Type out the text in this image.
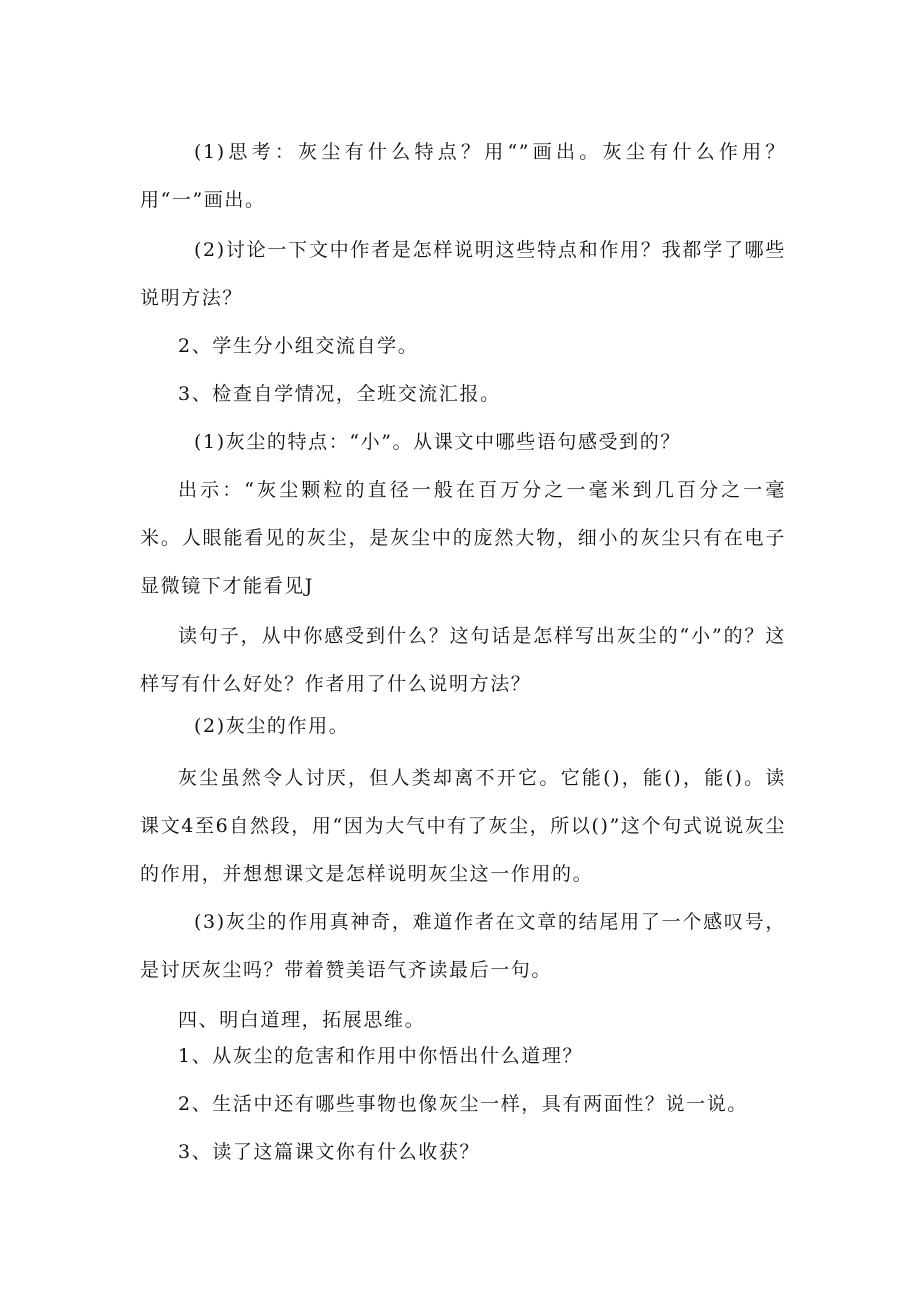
(1)思考：灰尘有什么特点？用“”画出。灰尘有什么作用？用“一”画出。

(2)讨论一下文中作者是怎样说明这些特点和作用？我都学了哪些说明方法？

2、学生分小组交流自学。

3、检查自学情况，全班交流汇报。

(1)灰尘的特点：“小”。从课文中哪些语句感受到的？

出示：“灰尘颗粒的直径一般在百万分之一毫米到几百分之一毫米。人眼能看见的灰尘，是灰尘中的庞然大物，细小的灰尘只有在电子显微镜下才能看见J

读句子，从中你感受到什么？这句话是怎样写出灰尘的“小”的？这样写有什么好处？作者用了什么说明方法？

(2)灰尘的作用。

灰尘虽然令人讨厌，但人类却离不开它。它能()，能()，能()。读课文4至6自然段，用“因为大气中有了灰尘，所以()”这个句式说说灰尘的作用，并想想课文是怎样说明灰尘这一作用的。

(3)灰尘的作用真神奇，难道作者在文章的结尾用了一个感叹号，是讨厌灰尘吗？带着赞美语气齐读最后一句。

四、明白道理，拓展思维。

1、从灰尘的危害和作用中你悟出什么道理？

2、生活中还有哪些事物也像灰尘一样，具有两面性？说一说。

3、读了这篇课文你有什么收获？
